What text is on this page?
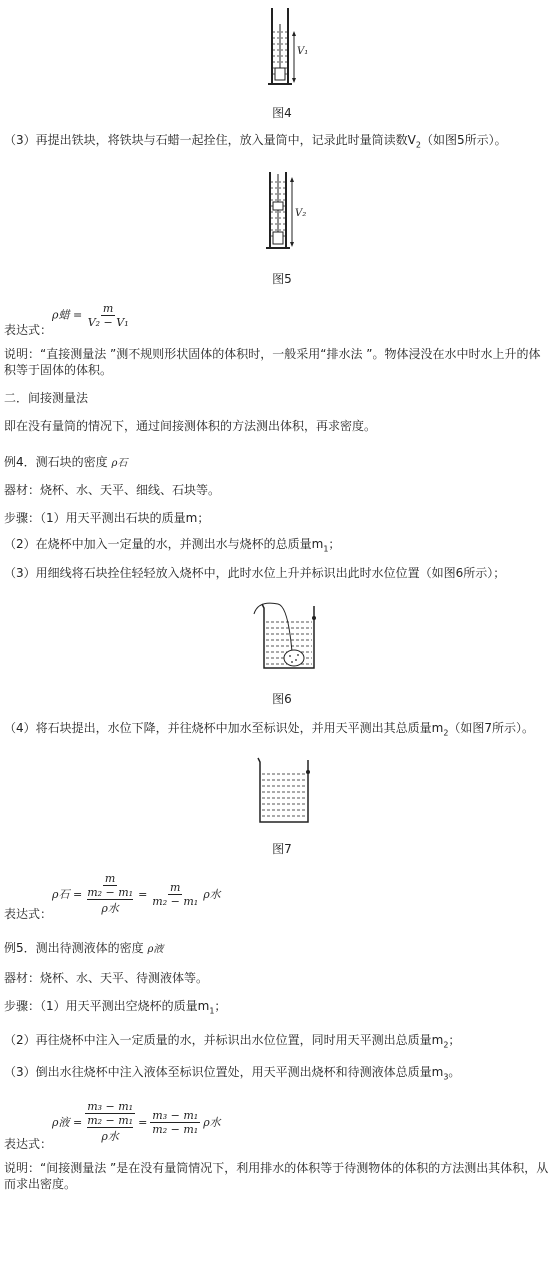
V₁
图4
（3）再提出铁块，将铁块与石蜡一起拴住，放入量筒中，记录此时量筒读数$V_2$（如图5所示）。
V₂
图5
表达式：
ρ蜡 = $\frac{m}{\text{V₂ − V₁}}$
说明：“直接测量法 ”测不规则形状固体的体积时，一般采用“排水法 ”。物体浸没在水中时水上升的体积等于固体的体积。
二．间接测量法
即在没有量筒的情况下，通过间接测体积的方法测出体积，再求密度。
例4．测石块的密度 ρ石
器材：烧杯、水、天平、细线、石块等。
步骤：（1）用天平测出石块的质量m；
（2）在烧杯中加入一定量的水，并测出水与烧杯的总质量$m_1$；
（3）用细线将石块拴住轻轻放入烧杯中，此时水位上升并标识出此时水位位置（如图6所示）；
图6
（4）将石块提出，水位下降，并往烧杯中加水至标识处，并用天平测出其总质量$m_2$（如图7所示）。
图7
表达式：
ρ石 = m
m₂ − m₁
ρ水 = $\frac{m}{\text{m₂ − m₁}}$ ρ水
例5．测出待测液体的密度 ρ液
器材：烧杯、水、天平、待测液体等。
步骤：（1）用天平测出空烧杯的质量$m_1$；
（2）再往烧杯中注入一定质量的水，并标识出水位位置，同时用天平测出总质量$m_2$；
（3）倒出水往烧杯中注入液体至标识位置处，用天平测出烧杯和待测液体总质量$m_3$。
表达式：
ρ液 = m₃ − m₁
m₂ − m₁
ρ水 = $\frac{\text{m₃ − m₁}}{\text{m₂ − m₁}}$ ρ水
说明：“间接测量法 ”是在没有量筒情况下，利用排水的体积等于待测物体的体积的方法测出其体积，从而求出密度。
